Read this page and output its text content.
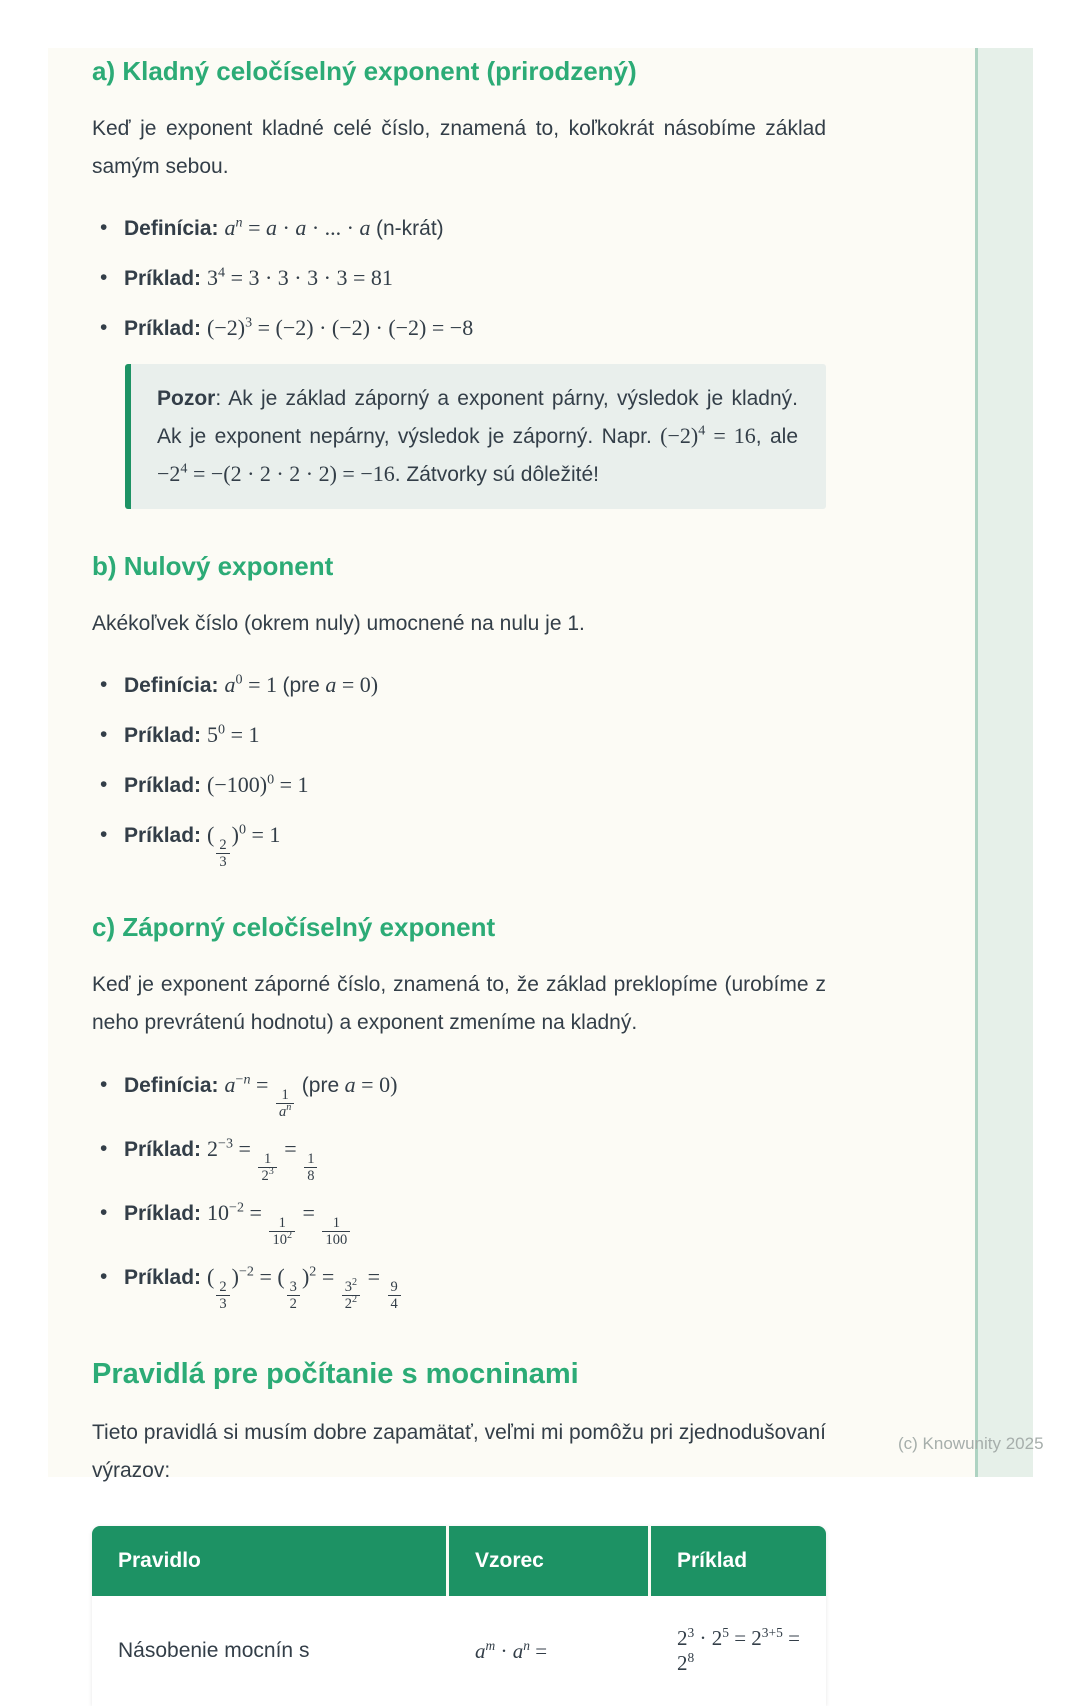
a) Kladný celočíselný exponent (prirodzený)

Keď je exponent kladné celé číslo, znamená to, koľkokrát násobíme základ samým sebou.

• Definícia: $a^n = a \cdot a$ · ... · a (n-krát)
• Príklad: $3^4 = 3 \cdot 3 \cdot 3 \cdot 3 = 81$
• Príklad: $(-2)^3 = (-2) \cdot (-2) \cdot (-2) = -8$

Pozor: Ak je základ záporný a exponent párny, výsledok je kladný. Ak je exponent nepárny, výsledok je záporný. Napr. $(-2)^4 = 16$, ale $-2^4 = -(2 \cdot 2 \cdot 2 \cdot 2) = -16$. Zátvorky sú dôležité!

b) Nulový exponent

Akékoľvek číslo (okrem nuly) umocnené na nulu je 1.

• Definícia: $a^0 = 1$ (pre a = 0)
• Príklad: $5^0 = 1$
• Príklad: $(-100)^0 = 1$
• Príklad: (
$\frac{2}{3}$
)$^0$ = 1
c) Záporný celočíselný exponent

Keď je exponent záporné číslo, znamená to, že základ preklopíme (urobíme z neho prevrátenú hodnotu) a exponent zmeníme na kladný.

• Definícia: $a^{-n}$ =
$\frac{1}{a^n}$
(pre a = 0)
• Príklad: $2^{-3}$ =
$\frac{1}{2^3}$
=
$\frac{1}{8}$
• Príklad: $10^{-2}$ =
$\frac{1}{10^2}$
=
$\frac{1}{100}$
• Príklad: (
$\frac{2}{3}$
)$^{-2}$ = (
$\frac{3}{2}$
)$^2$ =
$\frac{3^2}{2^2}$
=
$\frac{9}{4}$
Pravidlá pre počítanie s mocninami

Tieto pravidlá si musím dobre zapamätať, veľmi mi pomôžu pri zjednodušovaní výrazov:

Pravidlo	Vzorec	Príklad
Násobenie mocnín s	$a^m \cdot a^n$ =	$2^3 \cdot 2^5 = 2^{3+5} = 2^8$
(c) Knowunity 2025
